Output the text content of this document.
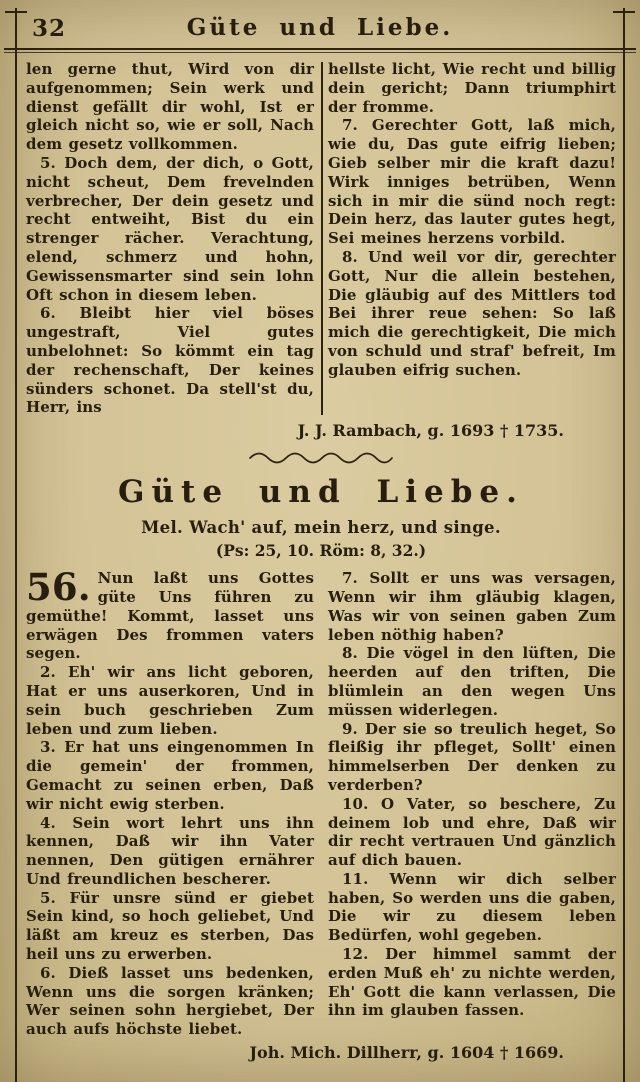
32	Güte und Liebe.

len gerne thut, Wird von dir aufgenommen; Sein werk und dienst gefällt dir wohl, Ist er gleich nicht so, wie er soll, Nach dem gesetz vollkommen.

5. Doch dem, der dich, o Gott, nicht scheut, Dem frevelnden verbrecher, Der dein gesetz und recht entweiht, Bist du ein strenger rächer. Verachtung, elend, schmerz und hohn, Gewissensmarter sind sein lohn Oft schon in diesem leben.

6. Bleibt hier viel böses ungestraft, Viel gutes unbelohnet: So kömmt ein tag der rechenschaft, Der keines sünders schonet. Da stell'st du, Herr, ins

hellste licht, Wie recht und billig dein gericht; Dann triumphirt der fromme.

7. Gerechter Gott, laß mich, wie du, Das gute eifrig lieben; Gieb selber mir die kraft dazu! Wirk inniges betrüben, Wenn sich in mir die sünd noch regt: Dein herz, das lauter gutes hegt, Sei meines herzens vorbild.

8. Und weil vor dir, gerechter Gott, Nur die allein bestehen, Die gläubig auf des Mittlers tod Bei ihrer reue sehen: So laß mich die gerechtigkeit, Die mich von schuld und straf' befreit, Im glauben eifrig suchen.

J. J. Rambach, g. 1693 † 1735.
Güte und Liebe.
Mel. Wach' auf, mein herz, und singe.
(Ps: 25, 10. Röm: 8, 32.)

56. Nun laßt uns Gottes güte Uns führen zu gemüthe! Kommt, lasset uns erwägen Des frommen vaters segen.

2. Eh' wir ans licht geboren, Hat er uns auserkoren, Und in sein buch geschrieben Zum leben und zum lieben.

3. Er hat uns eingenommen In die gemein' der frommen, Gemacht zu seinen erben, Daß wir nicht ewig sterben.

4. Sein wort lehrt uns ihn kennen, Daß wir ihn Vater nennen, Den gütigen ernährer Und freundlichen bescherer.

5. Für unsre sünd er giebet Sein kind, so hoch geliebet, Und läßt am kreuz es sterben, Das heil uns zu erwerben.

6. Dieß lasset uns bedenken, Wenn uns die sorgen kränken; Wer seinen sohn hergiebet, Der auch aufs höchste liebet.

7. Sollt er uns was versagen, Wenn wir ihm gläubig klagen, Was wir von seinen gaben Zum leben nöthig haben?

8. Die vögel in den lüften, Die heerden auf den triften, Die blümlein an den wegen Uns müssen widerlegen.

9. Der sie so treulich heget, So fleißig ihr pfleget, Sollt' einen himmelserben Der denken zu verderben?

10. O Vater, so beschere, Zu deinem lob und ehre, Daß wir dir recht vertrauen Und gänzlich auf dich bauen.

11. Wenn wir dich selber haben, So werden uns die gaben, Die wir zu diesem leben Bedürfen, wohl gegeben.

12. Der himmel sammt der erden Muß eh' zu nichte werden, Eh' Gott die kann verlassen, Die ihn im glauben fassen.

Joh. Mich. Dillherr, g. 1604 † 1669.
